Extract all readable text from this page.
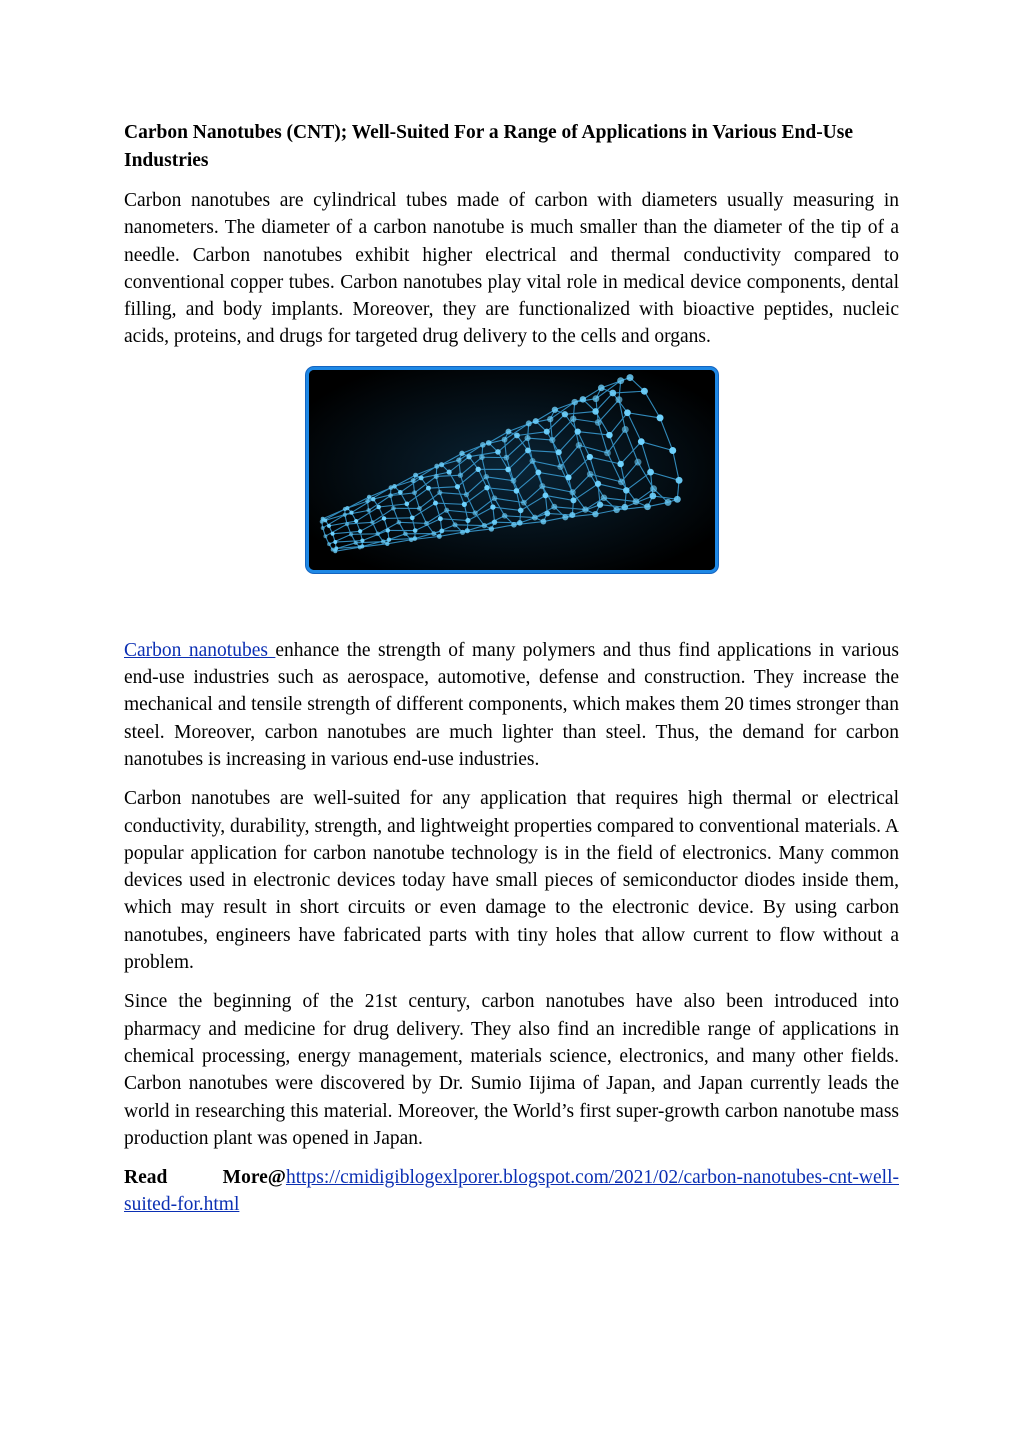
Carbon Nanotubes (CNT); Well-Suited For a Range of Applications in Various End-Use Industries

Carbon nanotubes are cylindrical tubes made of carbon with diameters usually measuring in nanometers. The diameter of a carbon nanotube is much smaller than the diameter of the tip of a needle. Carbon nanotubes exhibit higher electrical and thermal conductivity compared to conventional copper tubes. Carbon nanotubes play vital role in medical device components, dental filling, and body implants. Moreover, they are functionalized with bioactive peptides, nucleic acids, proteins, and drugs for targeted drug delivery to the cells and organs.

Carbon nanotubes enhance the strength of many polymers and thus find applications in various end-use industries such as aerospace, automotive, defense and construction. They increase the mechanical and tensile strength of different components, which makes them 20 times stronger than steel. Moreover, carbon nanotubes are much lighter than steel. Thus, the demand for carbon nanotubes is increasing in various end-use industries.

Carbon nanotubes are well-suited for any application that requires high thermal or electrical conductivity, durability, strength, and lightweight properties compared to conventional materials. A popular application for carbon nanotube technology is in the field of electronics. Many common devices used in electronic devices today have small pieces of semiconductor diodes inside them, which may result in short circuits or even damage to the electronic device. By using carbon nanotubes, engineers have fabricated parts with tiny holes that allow current to flow without a problem.

Since the beginning of the 21st century, carbon nanotubes have also been introduced into pharmacy and medicine for drug delivery. They also find an incredible range of applications in chemical processing, energy management, materials science, electronics, and many other fields. Carbon nanotubes were discovered by Dr. Sumio Iijima of Japan, and Japan currently leads the world in researching this material. Moreover, the World’s first super-growth carbon nanotube mass production plant was opened in Japan.

Read More@https://cmidigiblogexlporer.blogspot.com/2021/02/carbon-nanotubes-cnt-well-suited-for.html
